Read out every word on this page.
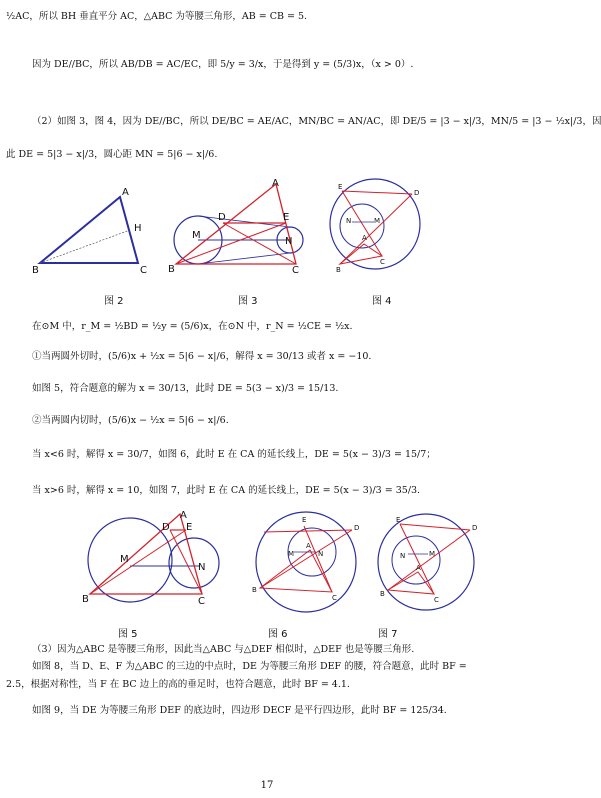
½AC，所以 BH 垂直平分 AC，△ABC 为等腰三角形，AB = CB = 5.
因为 DE//BC，所以 AB/DB = AC/EC，即 5/y = 3/x，于是得到 y = (5/3)x，（x > 0）.
（2）如图 3，图 4，因为 DE//BC，所以 DE/BC = AE/AC，MN/BC = AN/AC，即 DE/5 = |3 − x|/3，MN/5 = |3 − ½x|/3，因
此 DE = 5|3 − x|/3，圆心距 MN = 5|6 − x|/6.
A
B	C
H
图 2
A
B	C
D	E
M
N
图 3
D
E
N	M
A
B
C
图 4
在⊙M 中，r_M = ½BD = ½y = (5/6)x，在⊙N 中，r_N = ½CE = ½x.
①当两圆外切时，(5/6)x + ½x = 5|6 − x|/6，解得 x = 30/13 或者 x = −10.
如图 5，符合题意的解为 x = 30/13，此时 DE = 5(3 − x)/3 = 15/13.
②当两圆内切时，(5/6)x − ½x = 5|6 − x|/6.
当 x<6 时，解得 x = 30/7，如图 6，此时 E 在 CA 的延长线上，DE = 5(x − 3)/3 = 15/7；
当 x>6 时，解得 x = 10，如图 7，此时 E 在 CA 的延长线上，DE = 5(x − 3)/3 = 35/3.
A
B	C
D E
M
N
图 5
E
D
M	N
A
B
C
图 6
E
D
N	M
A
B
C
图 7
（3）因为△ABC 是等腰三角形，因此当△ABC 与△DEF 相似时，△DEF 也是等腰三角形.
如图 8，当 D、E、F 为△ABC 的三边的中点时，DE 为等腰三角形 DEF 的腰，符合题意，此时 BF =
2.5，根据对称性，当 F 在 BC 边上的高的垂足时，也符合题意，此时 BF = 4.1.
如图 9，当 DE 为等腰三角形 DEF 的底边时，四边形 DECF 是平行四边形，此时 BF = 125/34.
17
